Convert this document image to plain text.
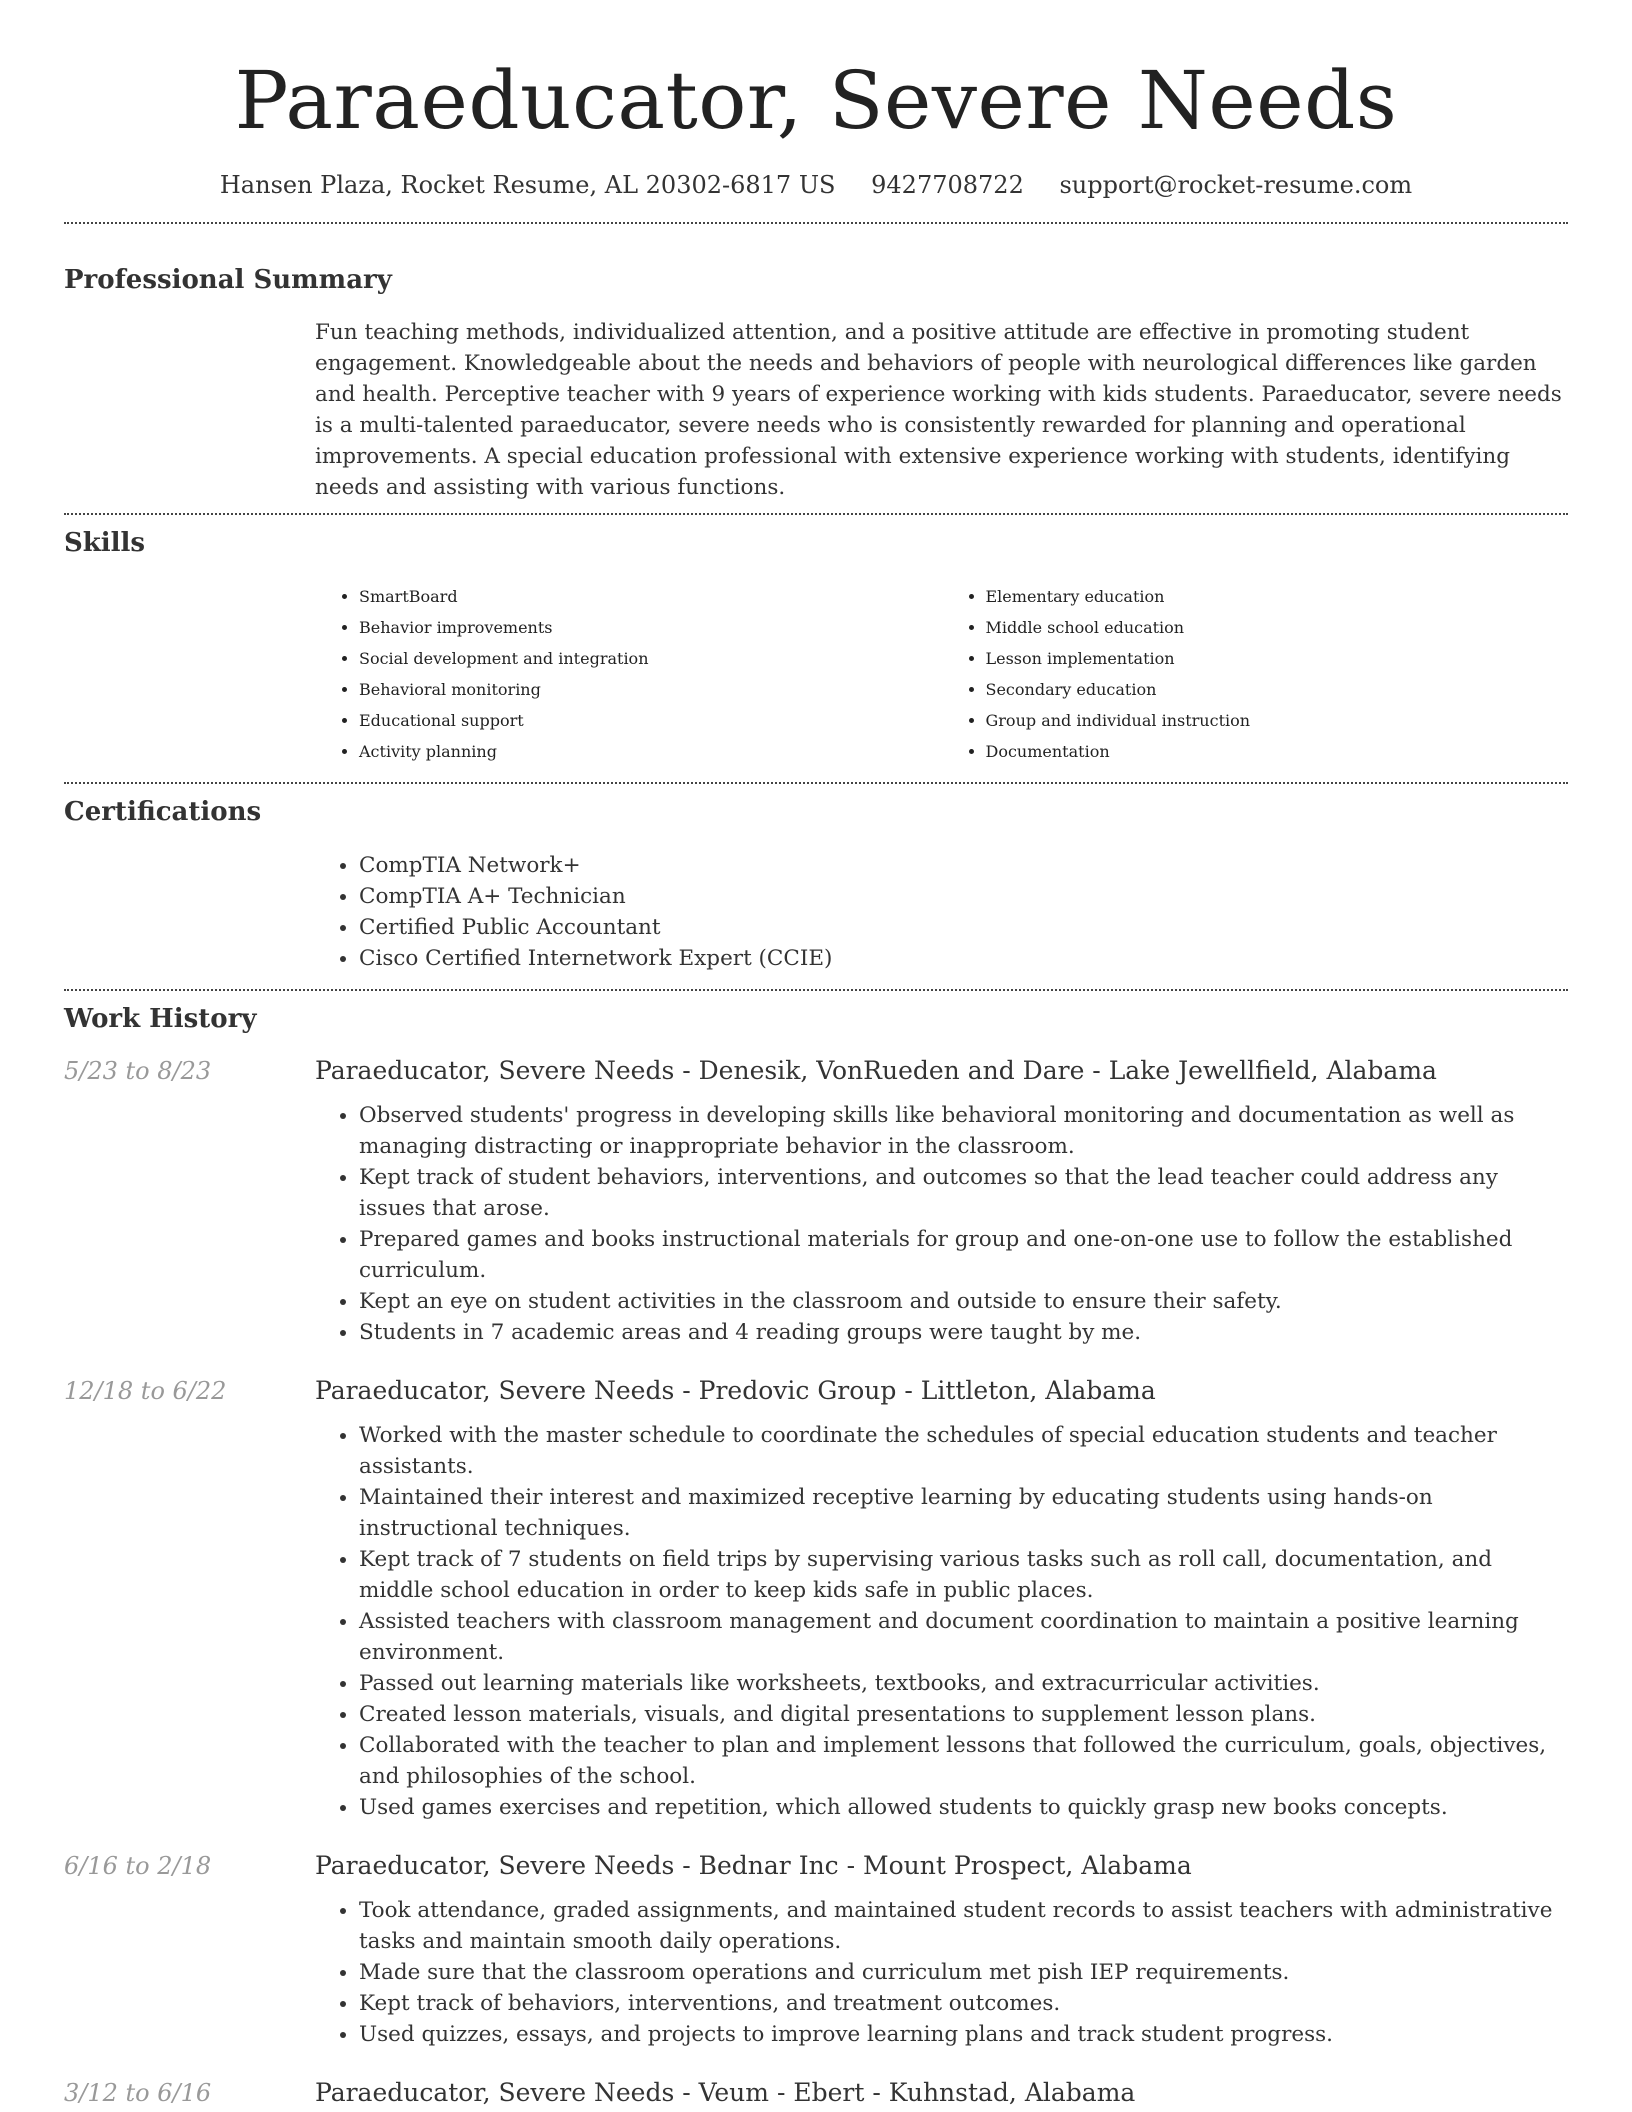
Paraeducator, Severe Needs
Hansen Plaza, Rocket Resume, AL 20302-6817 US 9427708722 support@rocket-resume.com
Professional Summary
Fun teaching methods, individualized attention, and a positive attitude are effective in promoting student engagement. Knowledgeable about the needs and behaviors of people with neurological differences like garden and health. Perceptive teacher with 9 years of experience working with kids students. Paraeducator, severe needs is a multi-talented paraeducator, severe needs who is consistently rewarded for planning and operational improvements. A special education professional with extensive experience working with students, identifying needs and assisting with various functions.
Skills
• SmartBoard
• Behavior improvements
• Social development and integration
• Behavioral monitoring
• Educational support
• Activity planning
• Elementary education
• Middle school education
• Lesson implementation
• Secondary education
• Group and individual instruction
• Documentation
Certifications
• CompTIA Network+
• CompTIA A+ Technician
• Certified Public Accountant
• Cisco Certified Internetwork Expert (CCIE)
Work History
5/23 to 8/23	Paraeducator, Severe Needs - Denesik, VonRueden and Dare - Lake Jewellfield, Alabama
• Observed students' progress in developing skills like behavioral monitoring and documentation as well as managing distracting or inappropriate behavior in the classroom.
• Kept track of student behaviors, interventions, and outcomes so that the lead teacher could address any issues that arose.
• Prepared games and books instructional materials for group and one-on-one use to follow the established curriculum.
• Kept an eye on student activities in the classroom and outside to ensure their safety.
• Students in 7 academic areas and 4 reading groups were taught by me.
12/18 to 6/22	Paraeducator, Severe Needs - Predovic Group - Littleton, Alabama
• Worked with the master schedule to coordinate the schedules of special education students and teacher assistants.
• Maintained their interest and maximized receptive learning by educating students using hands-on instructional techniques.
• Kept track of 7 students on field trips by supervising various tasks such as roll call, documentation, and middle school education in order to keep kids safe in public places.
• Assisted teachers with classroom management and document coordination to maintain a positive learning environment.
• Passed out learning materials like worksheets, textbooks, and extracurricular activities.
• Created lesson materials, visuals, and digital presentations to supplement lesson plans.
• Collaborated with the teacher to plan and implement lessons that followed the curriculum, goals, objectives, and philosophies of the school.
• Used games exercises and repetition, which allowed students to quickly grasp new books concepts.
6/16 to 2/18	Paraeducator, Severe Needs - Bednar Inc - Mount Prospect, Alabama
• Took attendance, graded assignments, and maintained student records to assist teachers with administrative tasks and maintain smooth daily operations.
• Made sure that the classroom operations and curriculum met pish IEP requirements.
• Kept track of behaviors, interventions, and treatment outcomes.
• Used quizzes, essays, and projects to improve learning plans and track student progress.
3/12 to 6/16	Paraeducator, Severe Needs - Veum - Ebert - Kuhnstad, Alabama
